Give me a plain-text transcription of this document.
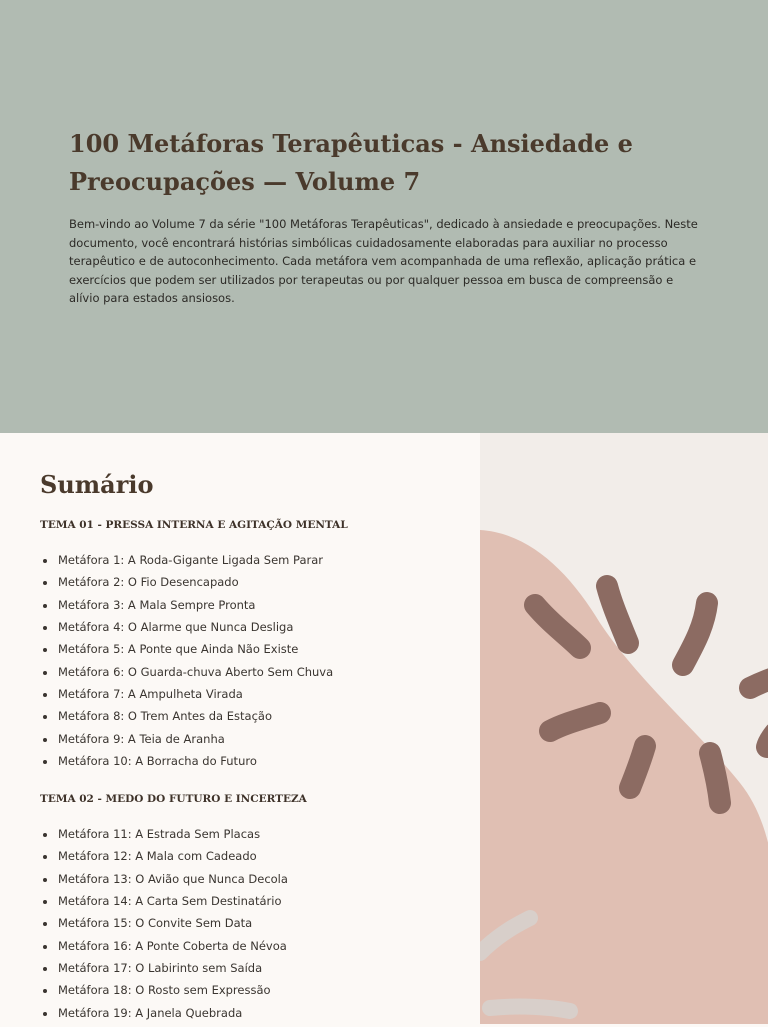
100 Metáforas Terapêuticas - Ansiedade e Preocupações — Volume 7

Bem-vindo ao Volume 7 da série "100 Metáforas Terapêuticas", dedicado à ansiedade e preocupações. Neste documento, você encontrará histórias simbólicas cuidadosamente elaboradas para auxiliar no processo terapêutico e de autoconhecimento. Cada metáfora vem acompanhada de uma reflexão, aplicação prática e exercícios que podem ser utilizados por terapeutas ou por qualquer pessoa em busca de compreensão e alívio para estados ansiosos.

Sumário
TEMA 01 - PRESSA INTERNA E AGITAÇÃO MENTAL
Metáfora 1: A Roda-Gigante Ligada Sem Parar
Metáfora 2: O Fio Desencapado
Metáfora 3: A Mala Sempre Pronta
Metáfora 4: O Alarme que Nunca Desliga
Metáfora 5: A Ponte que Ainda Não Existe
Metáfora 6: O Guarda-chuva Aberto Sem Chuva
Metáfora 7: A Ampulheta Virada
Metáfora 8: O Trem Antes da Estação
Metáfora 9: A Teia de Aranha
Metáfora 10: A Borracha do Futuro
TEMA 02 - MEDO DO FUTURO E INCERTEZA
Metáfora 11: A Estrada Sem Placas
Metáfora 12: A Mala com Cadeado
Metáfora 13: O Avião que Nunca Decola
Metáfora 14: A Carta Sem Destinatário
Metáfora 15: O Convite Sem Data
Metáfora 16: A Ponte Coberta de Névoa
Metáfora 17: O Labirinto sem Saída
Metáfora 18: O Rosto sem Expressão
Metáfora 19: A Janela Quebrada
